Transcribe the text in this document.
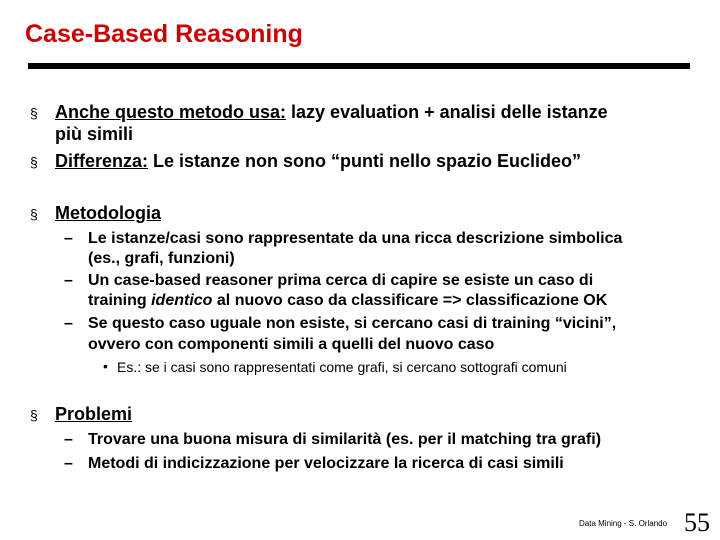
Case-Based Reasoning
§ Anche questo metodo usa: lazy evaluation + analisi delle istanze
più simili
§ Differenza: Le istanze non sono “punti nello spazio Euclideo”
§ Metodologia
– Le istanze/casi sono rappresentate da una ricca descrizione simbolica
(es., grafi, funzioni)
– Un case-based reasoner prima cerca di capire se esiste un caso di
training identico al nuovo caso da classificare => classificazione OK
– Se questo caso uguale non esiste, si cercano casi di training “vicini”,
ovvero con componenti simili a quelli del nuovo caso
• Es.: se i casi sono rappresentati come grafi, si cercano sottografi comuni
§ Problemi
– Trovare una buona misura di similarità (es. per il matching tra grafi)
– Metodi di indicizzazione per velocizzare la ricerca di casi simili
Data Mining - S. Orlando 55
